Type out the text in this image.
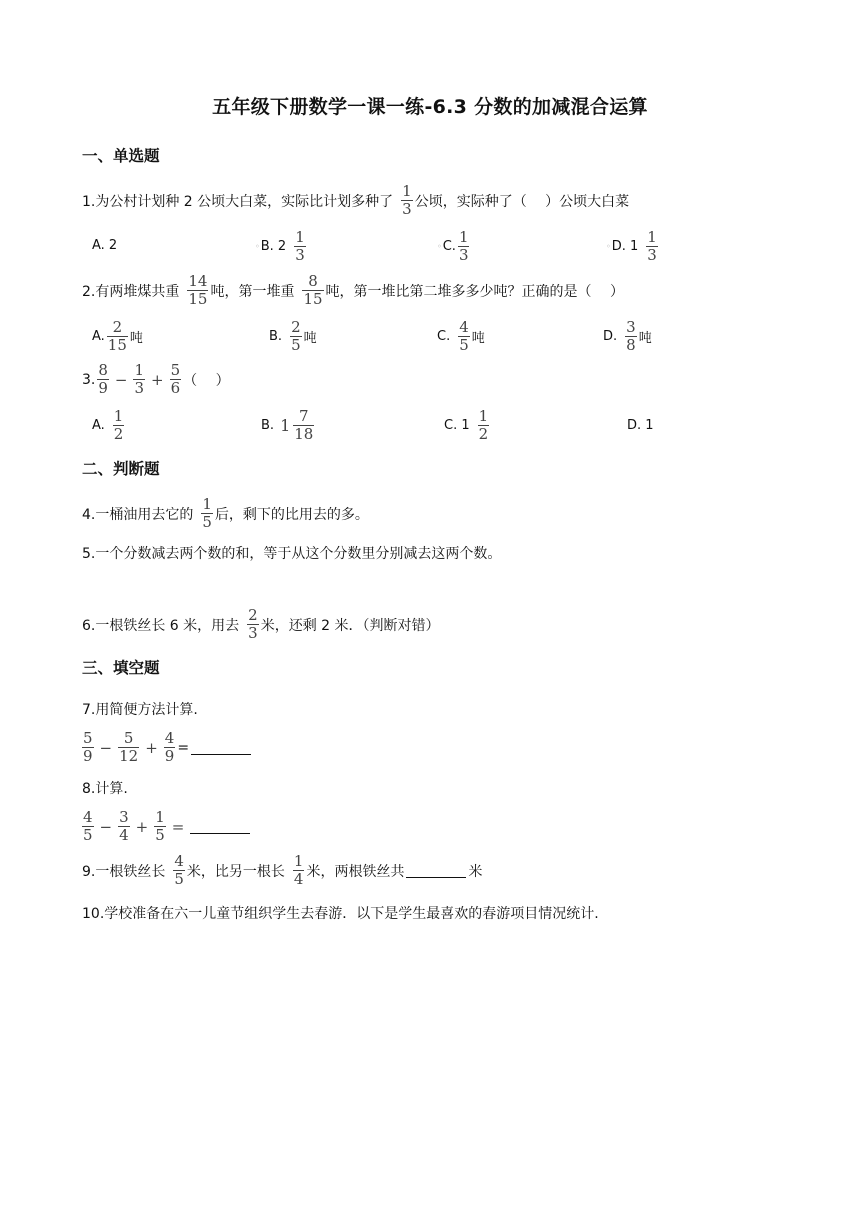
五年级下册数学一课一练-6.3 分数的加减混合运算
一、单选题
1.为公村计划种 2 公顷大白菜，实际比计划多种了 $\frac{1}{3}$ 公顷，实际种了（　 ）公顷大白菜
A. 2	◦ B. $2 \frac{1}{3}$	◦ C. $\frac{1}{3}$	◦ D. $1 \frac{1}{3}$
2.有两堆煤共重 $\frac{14}{15}$ 吨，第一堆重 $\frac{8}{15}$ 吨，第一堆比第二堆多多少吨？正确的是（　 ）
A. $\frac{2}{15}$ 吨	B. $\frac{2}{5}$ 吨	C. $\frac{4}{5}$ 吨	D. $\frac{3}{8}$ 吨
3. $\frac{8}{9} - \frac{1}{3} + \frac{5}{6}$ （　 ）
A. $\frac{1}{2}$	B. $1 \frac{7}{18}$	C. $1 \frac{1}{2}$	D. 1
二、判断题
4.一桶油用去它的 $\frac{1}{5}$ 后，剩下的比用去的多。
5.一个分数减去两个数的和，等于从这个分数里分别减去这两个数。
6.一根铁丝长 6 米，用去 $\frac{2}{3}$ 米，还剩 2 米．（判断对错）
三、填空题
7.用简便方法计算.
$\frac{5}{9} - \frac{5}{12} + \frac{4}{9}$ =
8.计算.
$\frac{4}{5} - \frac{3}{4} + \frac{1}{5}$ =
9.一根铁丝长 $\frac{4}{5}$ 米，比另一根长 $\frac{1}{4}$ 米，两根铁丝共	米
10.学校准备在六一儿童节组织学生去春游．以下是学生最喜欢的春游项目情况统计.
